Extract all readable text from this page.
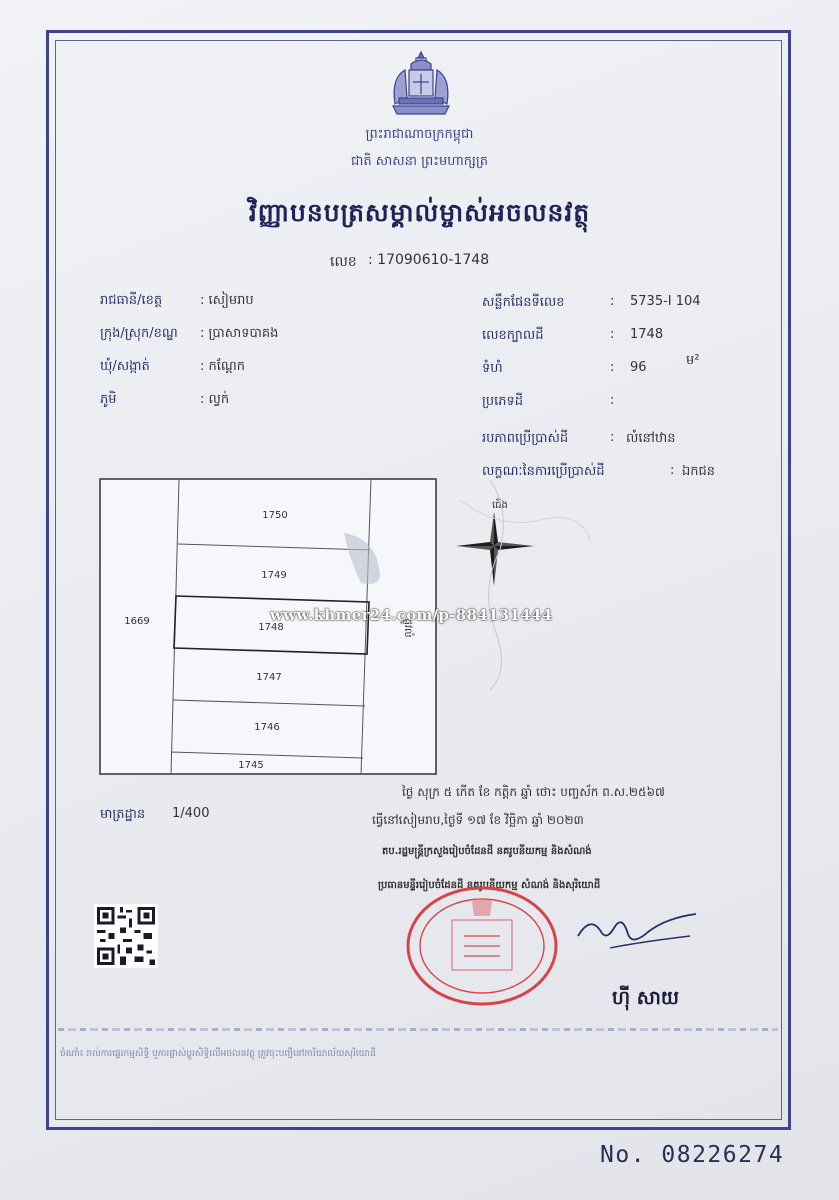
ព្រះរាជាណាចក្រកម្ពុជា
ជាតិ សាសនា ព្រះមហាក្សត្រ
វិញ្ញាបនបត្រសម្គាល់ម្ចាស់អចលនវត្ថុ
លេខ : 17090610-1748
រាជធានី/ខេត្ត	: សៀមរាប
ក្រុង/ស្រុក/ខណ្ឌ : ប្រាសាទបាគង
ឃុំ/សង្កាត់	: កណ្ដែក
ភូមិ	: ល្វក់
សន្លឹកផែនទីលេខ	: 5735-I 104
លេខក្បាលដី	: 1748
ទំហំ	: 96	ម²
ប្រភេទដី	:
របភាពប្រើប្រាស់ដី	: លំនៅឋាន
លក្ខណៈនៃការប្រើប្រាស់ដី	: ឯកជន
1750
1749
1748
1747
1746
1745
1669	ផ្លូវលំ
ជើង
www.khmer24.com/p-884131444
មាត្រដ្ឋាន 1/400
ថ្ងៃ សុក្រ ៥ កើត ខែ កត្តិក ឆ្នាំ ថោះ បញ្ចស័ក ព.ស.២៥៦៧
ធ្វើនៅសៀមរាប,ថ្ងៃទី ១៧ ខែ វិច្ឆិកា ឆ្នាំ ២០២៣
តប.រដ្ឋមន្ត្រីក្រសួងរៀបចំដែនដី នគរូបនីយកម្ម និងសំណង់
ប្រធានមន្ទីររៀបចំដែនដី នគរូបនីយកម្ម សំណង់ និងសុរិយោដី
ហ៊ី សាយ
ចំណាំ៖ រាល់ការផ្ទេរកម្មសិទ្ធិ ឬការផ្លាស់ប្ដូរសិទ្ធិលើអចលនវត្ថុ ត្រូវចុះបញ្ជីនៅការិយាល័យសុរិយោដី
No. 08226274
